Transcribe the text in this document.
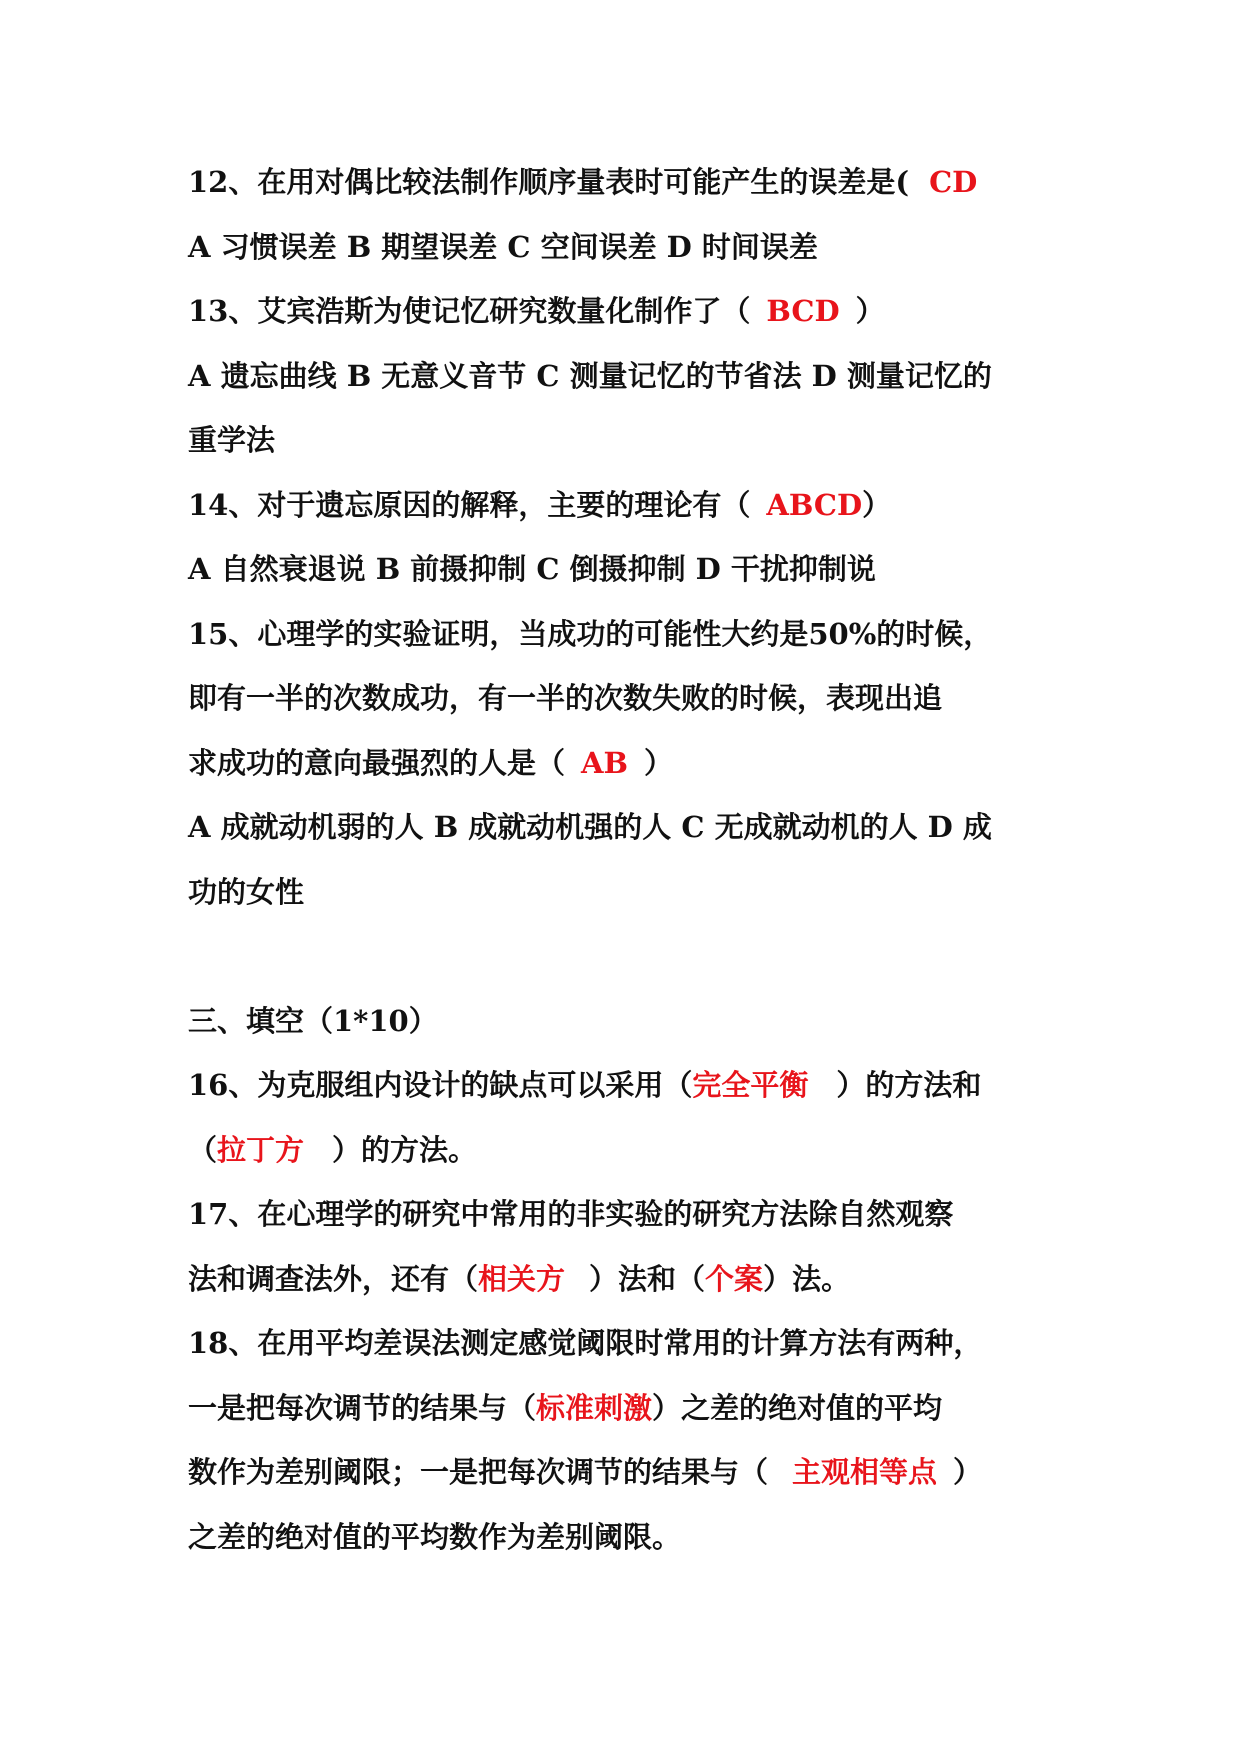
12、在用对偶比较法制作顺序量表时可能产生的误差是( CD
A 习惯误差 B 期望误差 C 空间误差 D 时间误差
13、艾宾浩斯为使记忆研究数量化制作了（ BCD ）
A 遗忘曲线 B 无意义音节 C 测量记忆的节省法 D 测量记忆的
重学法
14、对于遗忘原因的解释，主要的理论有（ ABCD）
A 自然衰退说 B 前摄抑制 C 倒摄抑制 D 干扰抑制说
15、心理学的实验证明，当成功的可能性大约是50%的时候，
即有一半的次数成功，有一半的次数失败的时候，表现出追
求成功的意向最强烈的人是（ AB ）
A 成就动机弱的人 B 成就动机强的人 C 无成就动机的人 D 成
功的女性
三、填空（1*10）
16、为克服组内设计的缺点可以采用（完全平衡 ）的方法和
（拉丁方 ）的方法。
17、在心理学的研究中常用的非实验的研究方法除自然观察
法和调查法外，还有（相关方 ）法和（个案）法。
18、在用平均差误法测定感觉阈限时常用的计算方法有两种，
一是把每次调节的结果与（标准刺激）之差的绝对值的平均
数作为差别阈限；一是把每次调节的结果与（ 主观相等点 ）
之差的绝对值的平均数作为差别阈限。
